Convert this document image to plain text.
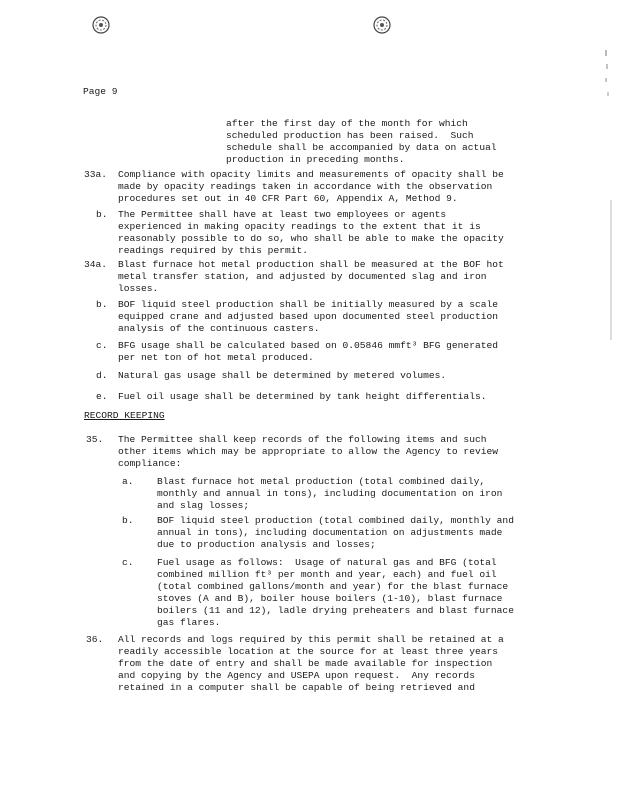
Page 9
after the first day of the month for which
scheduled production has been raised.  Such
schedule shall be accompanied by data on actual
production in preceding months.
33a. Compliance with opacity limits and measurements of opacity shall be
made by opacity readings taken in accordance with the observation
procedures set out in 40 CFR Part 60, Appendix A, Method 9.
b. The Permittee shall have at least two employees or agents
experienced in making opacity readings to the extent that it is
reasonably possible to do so, who shall be able to make the opacity
readings required by this permit.
34a. Blast furnace hot metal production shall be measured at the BOF hot
metal transfer station, and adjusted by documented slag and iron
losses.
b. BOF liquid steel production shall be initially measured by a scale
equipped crane and adjusted based upon documented steel production
analysis of the continuous casters.
c. BFG usage shall be calculated based on 0.05846 mmft³ BFG generated
per net ton of hot metal produced.
d. Natural gas usage shall be determined by metered volumes.
e. Fuel oil usage shall be determined by tank height differentials.
RECORD KEEPING
35. The Permittee shall keep records of the following items and such
other items which may be appropriate to allow the Agency to review
compliance:
a. Blast furnace hot metal production (total combined daily,
monthly and annual in tons), including documentation on iron
and slag losses;
b. BOF liquid steel production (total combined daily, monthly and
annual in tons), including documentation on adjustments made
due to production analysis and losses;
c. Fuel usage as follows:  Usage of natural gas and BFG (total
combined million ft³ per month and year, each) and fuel oil
(total combined gallons/month and year) for the blast furnace
stoves (A and B), boiler house boilers (1-10), blast furnace
boilers (11 and 12), ladle drying preheaters and blast furnace
gas flares.
36. All records and logs required by this permit shall be retained at a
readily accessible location at the source for at least three years
from the date of entry and shall be made available for inspection
and copying by the Agency and USEPA upon request.  Any records
retained in a computer shall be capable of being retrieved and
